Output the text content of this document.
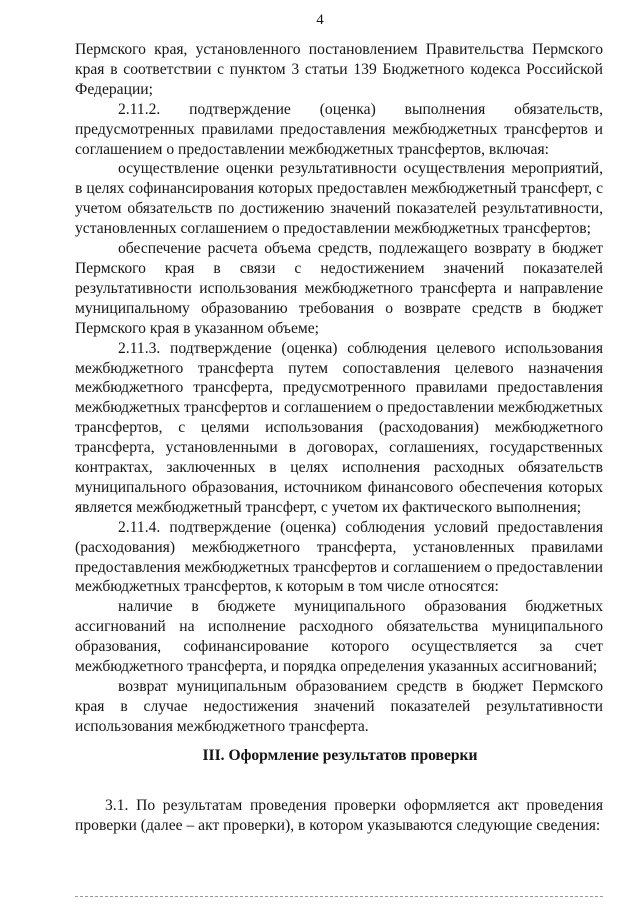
4

Пермского края, установленного постановлением Правительства Пермского края в соответствии с пунктом 3 статьи 139 Бюджетного кодекса Российской Федерации;

2.11.2. подтверждение (оценка) выполнения обязательств, предусмотренных правилами предоставления межбюджетных трансфертов и соглашением о предоставлении межбюджетных трансфертов, включая:

осуществление оценки результативности осуществления мероприятий, в целях софинансирования которых предоставлен межбюджетный трансферт, с учетом обязательств по достижению значений показателей результативности, установленных соглашением о предоставлении межбюджетных трансфертов;

обеспечение расчета объема средств, подлежащего возврату в бюджет Пермского края в связи с недостижением значений показателей результативности использования межбюджетного трансферта и направление муниципальному образованию требования о возврате средств в бюджет Пермского края в указанном объеме;

2.11.3. подтверждение (оценка) соблюдения целевого использования межбюджетного трансферта путем сопоставления целевого назначения межбюджетного трансферта, предусмотренного правилами предоставления межбюджетных трансфертов и соглашением о предоставлении межбюджетных трансфертов, с целями использования (расходования) межбюджетного трансферта, установленными в договорах, соглашениях, государственных контрактах, заключенных в целях исполнения расходных обязательств муниципального образования, источником финансового обеспечения которых является межбюджетный трансферт, с учетом их фактического выполнения;

2.11.4. подтверждение (оценка) соблюдения условий предоставления (расходования) межбюджетного трансферта, установленных правилами предоставления межбюджетных трансфертов и соглашением о предоставлении межбюджетных трансфертов, к которым в том числе относятся:

наличие в бюджете муниципального образования бюджетных ассигнований на исполнение расходного обязательства муниципального образования, софинансирование которого осуществляется за счет межбюджетного трансферта, и порядка определения указанных ассигнований;

возврат муниципальным образованием средств в бюджет Пермского края в случае недостижения значений показателей результативности использования межбюджетного трансферта.

III. Оформление результатов проверки

3.1. По результатам проведения проверки оформляется акт проведения проверки (далее – акт проверки), в котором указываются следующие сведения:
